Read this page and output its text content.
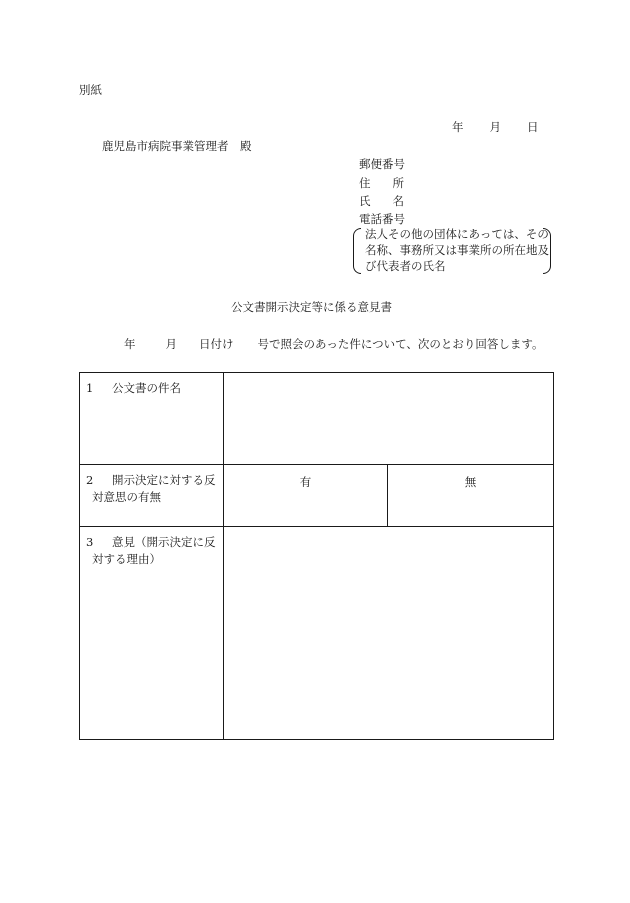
別紙
年 月 日
鹿児島市病院事業管理者　殿
郵便番号
住 所
氏 名
電話番号
法人その他の団体にあっては、その
名称、事務所又は事業所の所在地及
び代表者の氏名
公文書開示決定等に係る意見書
年	月 日付け 号で照会のあった件について、次のとおり回答します。
1 公文書の件名		

2 開示決定に対する反
対意思の有無	有	無

3 意見（開示決定に反
対する理由）		
